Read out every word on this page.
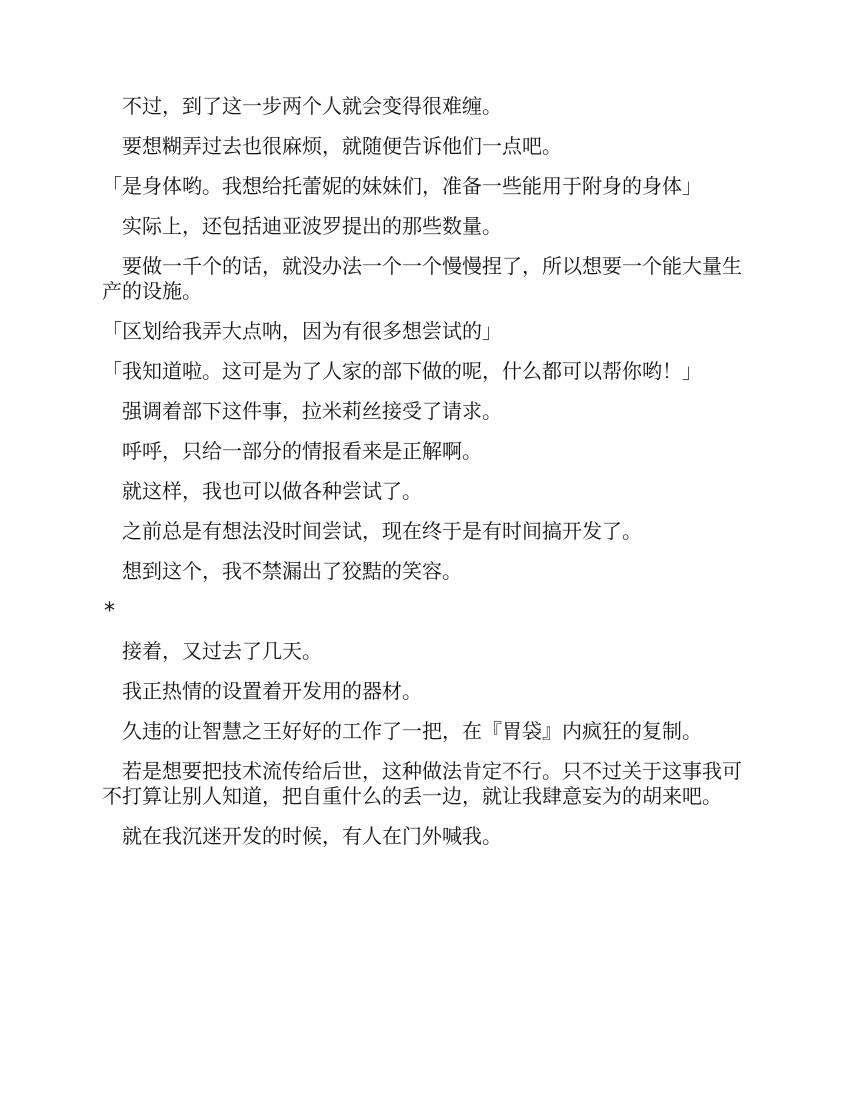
不过，到了这一步两个人就会变得很难缠。

要想糊弄过去也很麻烦，就随便告诉他们一点吧。

「是身体哟。我想给托蕾妮的妹妹们，准备一些能用于附身的身体」

实际上，还包括迪亚波罗提出的那些数量。

要做一千个的话，就没办法一个一个慢慢捏了，所以想要一个能大量生产的设施。

「区划给我弄大点呐，因为有很多想尝试的」

「我知道啦。这可是为了人家的部下做的呢，什么都可以帮你哟！」

强调着部下这件事，拉米莉丝接受了请求。

呼呼，只给一部分的情报看来是正解啊。

就这样，我也可以做各种尝试了。

之前总是有想法没时间尝试，现在终于是有时间搞开发了。

想到这个，我不禁漏出了狡黠的笑容。

*

接着，又过去了几天。

我正热情的设置着开发用的器材。

久违的让智慧之王好好的工作了一把，在『胃袋』内疯狂的复制。

若是想要把技术流传给后世，这种做法肯定不行。只不过关于这事我可不打算让别人知道，把自重什么的丢一边，就让我肆意妄为的胡来吧。

就在我沉迷开发的时候，有人在门外喊我。
